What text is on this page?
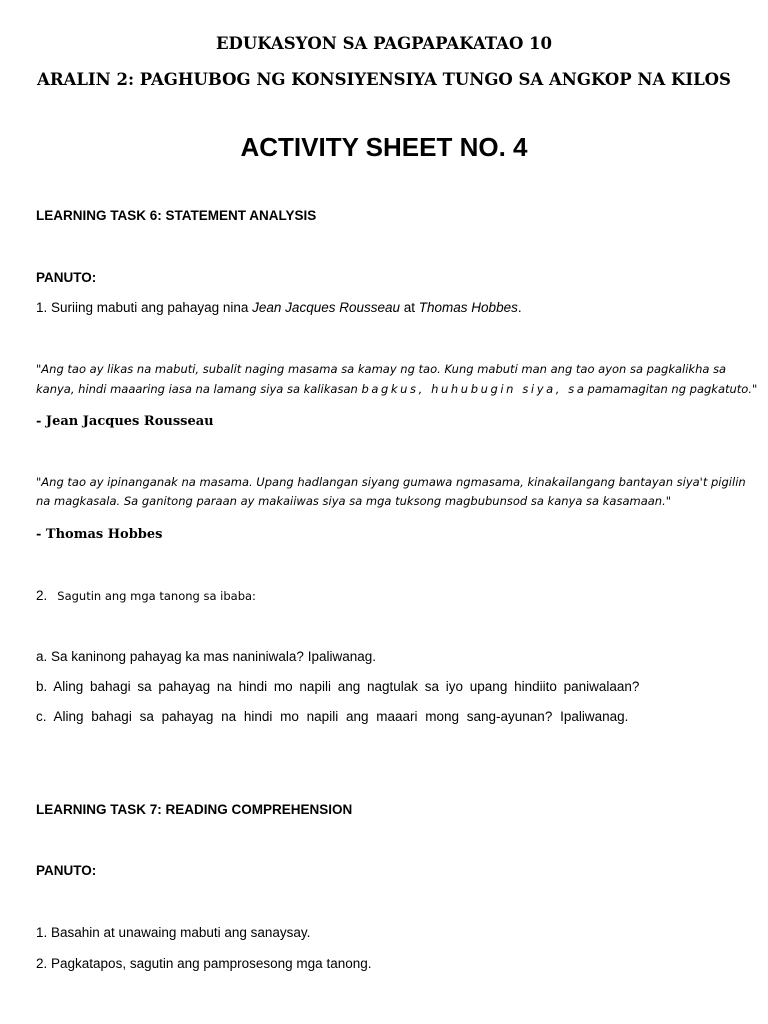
EDUKASYON SA PAGPAPAKATAO 10
ARALIN 2: PAGHUBOG NG KONSIYENSIYA TUNGO SA ANGKOP NA KILOS
ACTIVITY SHEET NO. 4
LEARNING TASK 6: STATEMENT ANALYSIS
PANUTO:
1. Suriing mabuti ang pahayag nina Jean Jacques Rousseau at Thomas Hobbes.
"Ang tao ay likas na mabuti, subalit naging masama sa kamay ng tao. Kung mabuti man ang tao ayon sa pagkalikha sa
kanya, hindi maaaring iasa na lamang siya sa kalikasan bagkus, huhubugin siya, sa pamamagitan ng pagkatuto."
- Jean Jacques Rousseau
"Ang tao ay ipinanganak na masama. Upang hadlangan siyang gumawa ngmasama, kinakailangang bantayan siya't pigilin
na magkasala. Sa ganitong paraan ay makaiiwas siya sa mga tuksong magbubunsod sa kanya sa kasamaan."
- Thomas Hobbes
2. Sagutin ang mga tanong sa ibaba:
a. Sa kaninong pahayag ka mas naniniwala? Ipaliwanag.
b. Aling bahagi sa pahayag na hindi mo napili ang nagtulak sa iyo upang hindiito paniwalaan?
c. Aling bahagi sa pahayag na hindi mo napili ang maaari mong sang-ayunan? Ipaliwanag.
LEARNING TASK 7: READING COMPREHENSION
PANUTO:
1. Basahin at unawaing mabuti ang sanaysay.
2. Pagkatapos, sagutin ang pamprosesong mga tanong.
